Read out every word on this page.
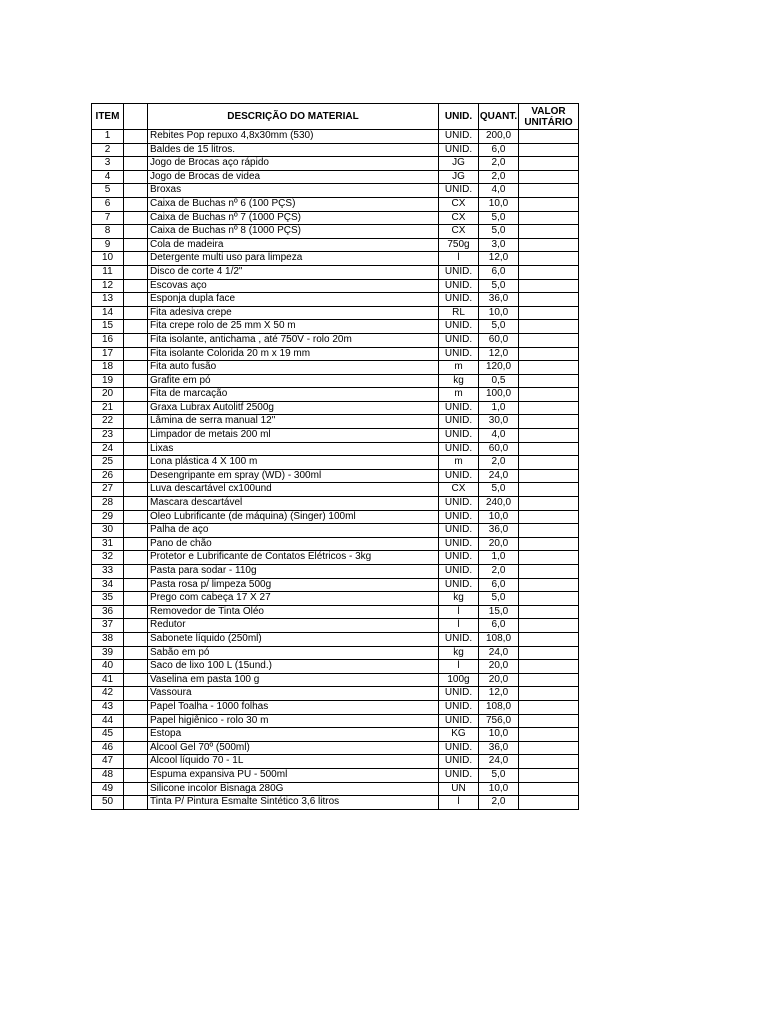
ITEM		DESCRIÇÃO DO MATERIAL	UNID.	QUANT.	VALOR
UNITÁRIO

1		Rebites Pop repuxo 4,8x30mm (530)	UNID.	200,0	
2		Baldes de 15 litros.	UNID.	6,0	
3		Jogo de Brocas aço rápido	JG	2,0	
4		Jogo de Brocas de videa	JG	2,0	
5		Broxas	UNID.	4,0	
6		Caixa de Buchas nº 6 (100 PÇS)	CX	10,0	
7		Caixa de Buchas nº 7 (1000 PÇS)	CX	5,0	
8		Caixa de Buchas nº 8 (1000 PÇS)	CX	5,0	
9		Cola de madeira	750g	3,0	
10		Detergente multi uso para limpeza	l	12,0	
11		Disco de corte 4 1/2"	UNID.	6,0	
12		Escovas aço	UNID.	5,0	
13		Esponja dupla face	UNID.	36,0	
14		Fita adesiva crepe	RL	10,0	
15		Fita crepe rolo de 25 mm X 50 m	UNID.	5,0	
16		Fita isolante, antichama , até 750V - rolo 20m	UNID.	60,0	
17		Fita isolante Colorida 20 m x 19 mm	UNID.	12,0	
18		Fita auto fusão	m	120,0	
19		Grafite em pó	kg	0,5	
20		Fita de marcação	m	100,0	
21		Graxa Lubrax Autolitf 2500g	UNID.	1,0	
22		Lâmina de serra manual 12"	UNID.	30,0	
23		Limpador de metais 200 ml	UNID.	4,0	
24		Lixas	UNID.	60,0	
25		Lona plástica 4 X 100 m	m	2,0	
26		Desengripante em spray (WD) - 300ml	UNID.	24,0	
27		Luva descartável cx100und	CX	5,0	
28		Mascara descartável	UNID.	240,0	
29		Óleo Lubrificante (de máquina) (Singer) 100ml	UNID.	10,0	
30		Palha de aço	UNID.	36,0	
31		Pano de chão	UNID.	20,0	
32		Protetor e Lubrificante de Contatos Elétricos - 3kg	UNID.	1,0	
33		Pasta para sodar - 110g	UNID.	2,0	
34		Pasta rosa p/ limpeza 500g	UNID.	6,0	
35		Prego com cabeça 17 X 27	kg	5,0	
36		Removedor de Tinta Oléo	l	15,0	
37		Redutor	l	6,0	
38		Sabonete líquido (250ml)	UNID.	108,0	
39		Sabão em pó	kg	24,0	
40		Saco de lixo 100 L (15und.)	l	20,0	
41		Vaselina em pasta 100 g	100g	20,0	
42		Vassoura	UNID.	12,0	
43		Papel Toalha - 1000 folhas	UNID.	108,0	
44		Papel higiênico - rolo 30 m	UNID.	756,0	
45		Estopa	KG	10,0	
46		Álcool Gel 70º (500ml)	UNID.	36,0	
47		Álcool líquido 70 - 1L	UNID.	24,0	
48		Espuma expansiva PU - 500ml	UNID.	5,0	
49		Silicone incolor Bisnaga 280G	UN	10,0	
50		Tinta P/ Pintura Esmalte Sintético 3,6 litros	l	2,0	
